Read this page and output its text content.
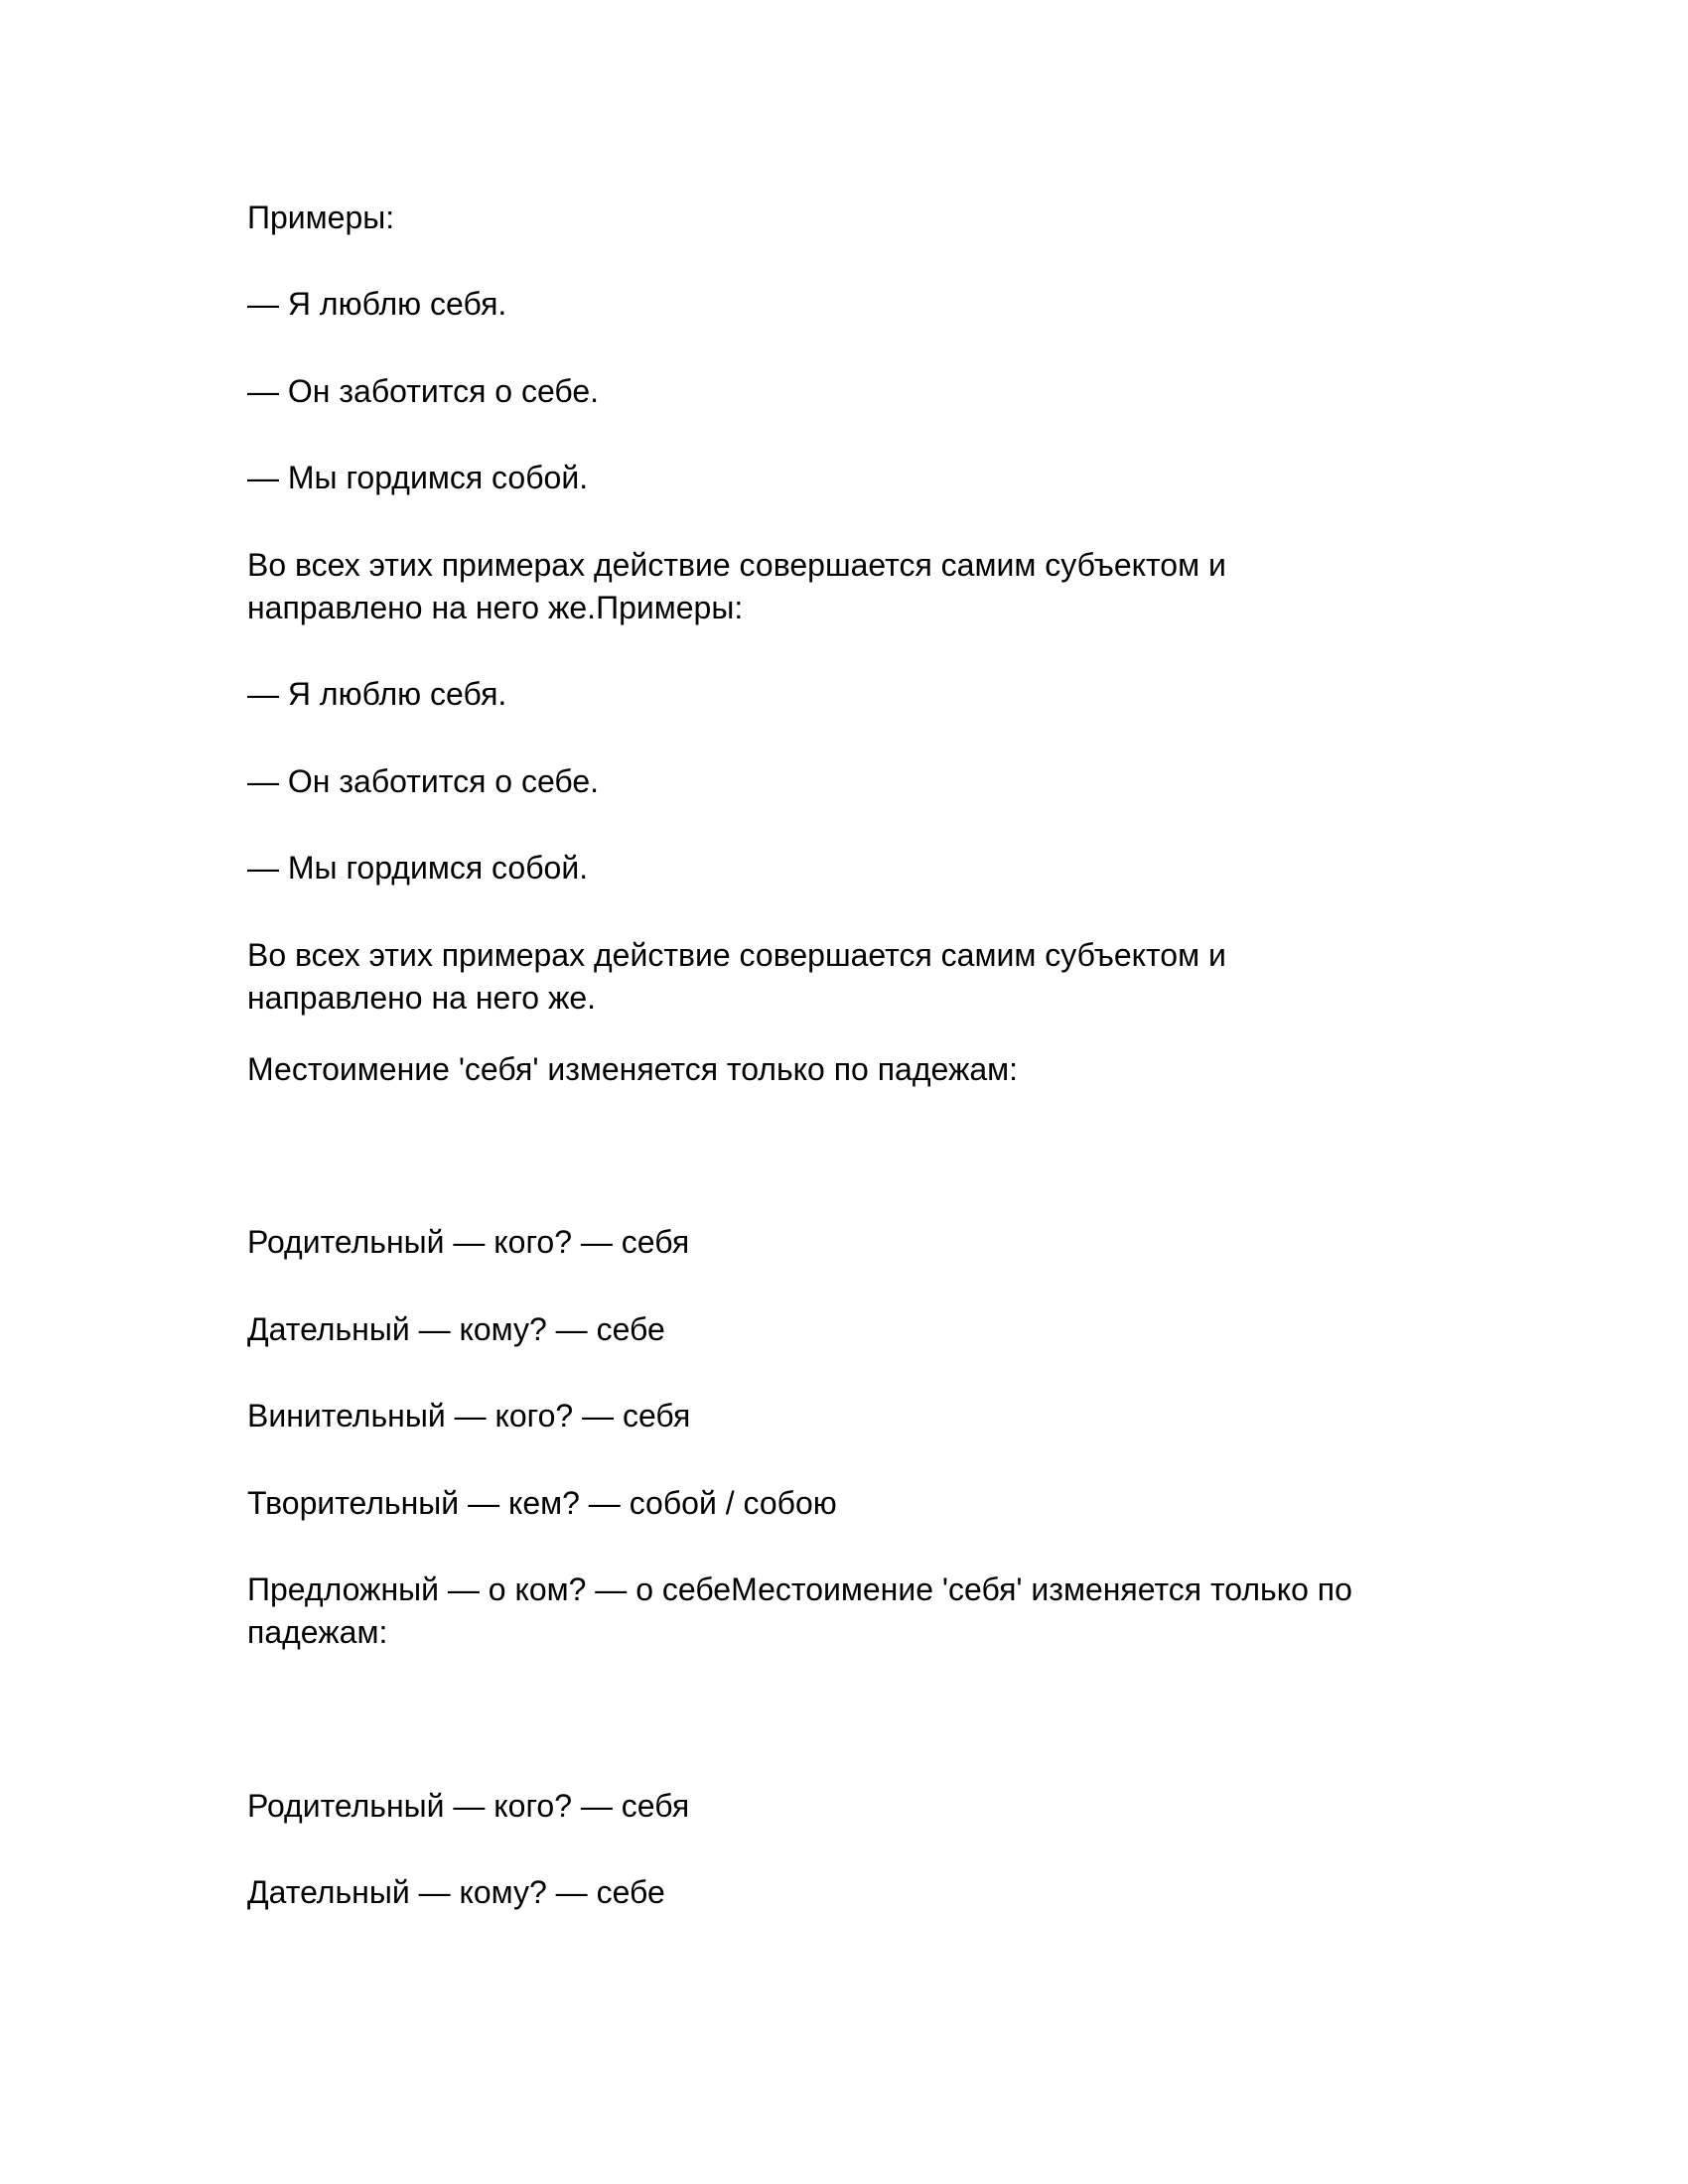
Примеры:

— Я люблю себя.

— Он заботится о себе.

— Мы гордимся собой.

Во всех этих примерах действие совершается самим субъектом и

направлено на него же.Примеры:

— Я люблю себя.

— Он заботится о себе.

— Мы гордимся собой.

Во всех этих примерах действие совершается самим субъектом и

направлено на него же.

Местоимение 'себя' изменяется только по падежам:

Родительный — кого? — себя

Дательный — кому? — себе

Винительный — кого? — себя

Творительный — кем? — собой / собою

Предложный — о ком? — о себеМестоимение 'себя' изменяется только по

падежам:

Родительный — кого? — себя

Дательный — кому? — себе
